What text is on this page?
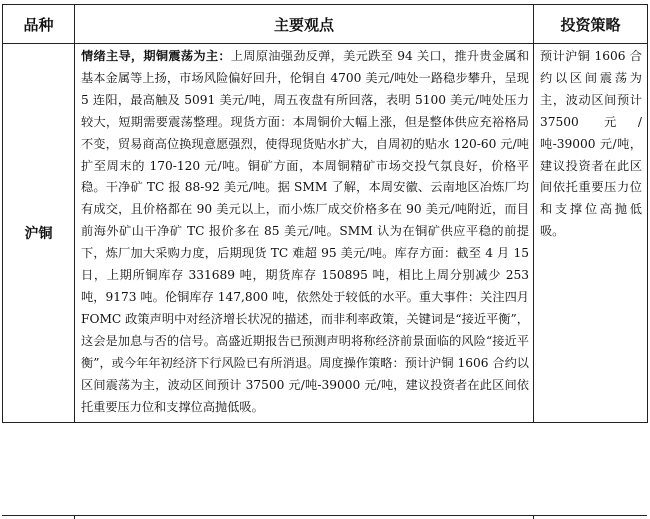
品种	主要观点	投资策略
沪铜	情绪主导，期铜震荡为主：上周原油强劲反弹，美元跌至 94 关口，推升贵金属和基本金属等上扬，市场风险偏好回升，伦铜自 4700 美元/吨处一路稳步攀升，呈现 5 连阳，最高触及 5091 美元/吨，周五夜盘有所回落，表明 5100 美元/吨处压力较大，短期需要震荡整理。现货方面：本周铜价大幅上涨，但是整体供应充裕格局不变，贸易商高位换现意愿强烈，使得现货贴水扩大，自周初的贴水 120-60 元/吨扩至周末的 170-120 元/吨。铜矿方面，本周铜精矿市场交投气氛良好，价格平稳。干净矿 TC 报 88-92 美元/吨。据 SMM 了解，本周安徽、云南地区冶炼厂均有成交，且价格都在 90 美元以上，而小炼厂成交价格多在 90 美元/吨附近，而目前海外矿山干净矿 TC 报价多在 85 美元/吨。SMM 认为在铜矿供应平稳的前提下，炼厂加大采购力度，后期现货 TC 难超 95 美元/吨。库存方面：截至 4 月 15 日，上期所铜库存 331689 吨，期货库存 150895 吨，相比上周分别减少 253 吨，9173 吨。伦铜库存 147,800 吨，依然处于较低的水平。重大事件：关注四月 FOMC 政策声明中对经济增长状况的描述，而非利率政策，关键词是“接近平衡”，这会是加息与否的信号。高盛近期报告已预测声明将称经济前景面临的风险“接近平衡”，或今年年初经济下行风险已有所消退。周度操作策略：预计沪铜 1606 合约以区间震荡为主，波动区间预计 37500 元/吨-39000 元/吨，建议投资者在此区间依托重要压力位和支撑位高抛低吸。	预计沪铜 1606 合约以区间震荡为主，波动区间预计 37500 元/吨-39000 元/吨，建议投资者在此区间依托重要压力位和支撑位高抛低吸。
